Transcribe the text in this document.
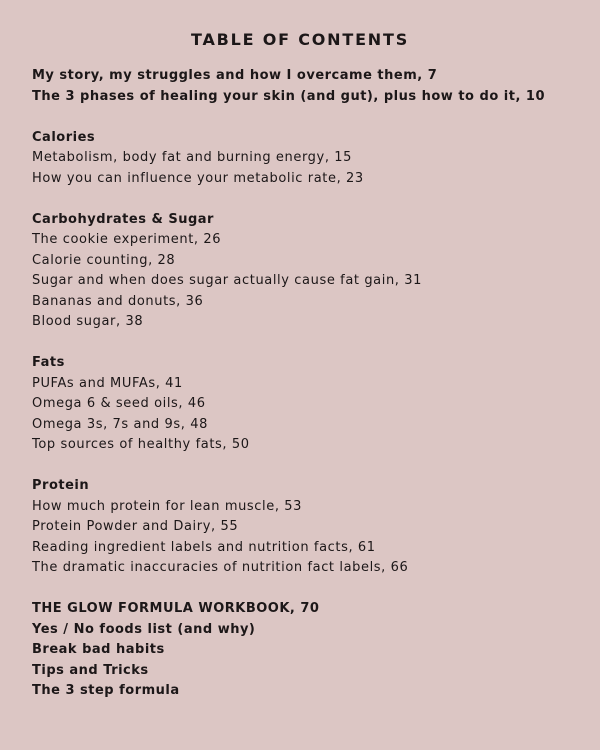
TABLE OF CONTENTS
My story, my struggles and how I overcame them, 7
The 3 phases of healing your skin (and gut), plus how to do it, 10
Calories
Metabolism, body fat and burning energy, 15
How you can influence your metabolic rate, 23
Carbohydrates & Sugar
The cookie experiment, 26
Calorie counting, 28
Sugar and when does sugar actually cause fat gain, 31
Bananas and donuts, 36
Blood sugar, 38
Fats
PUFAs and MUFAs, 41
Omega 6 & seed oils, 46
Omega 3s, 7s and 9s, 48
Top sources of healthy fats, 50
Protein
How much protein for lean muscle, 53
Protein Powder and Dairy, 55
Reading ingredient labels and nutrition facts, 61
The dramatic inaccuracies of nutrition fact labels, 66
THE GLOW FORMULA WORKBOOK, 70
Yes / No foods list (and why)
Break bad habits
Tips and Tricks
The 3 step formula
